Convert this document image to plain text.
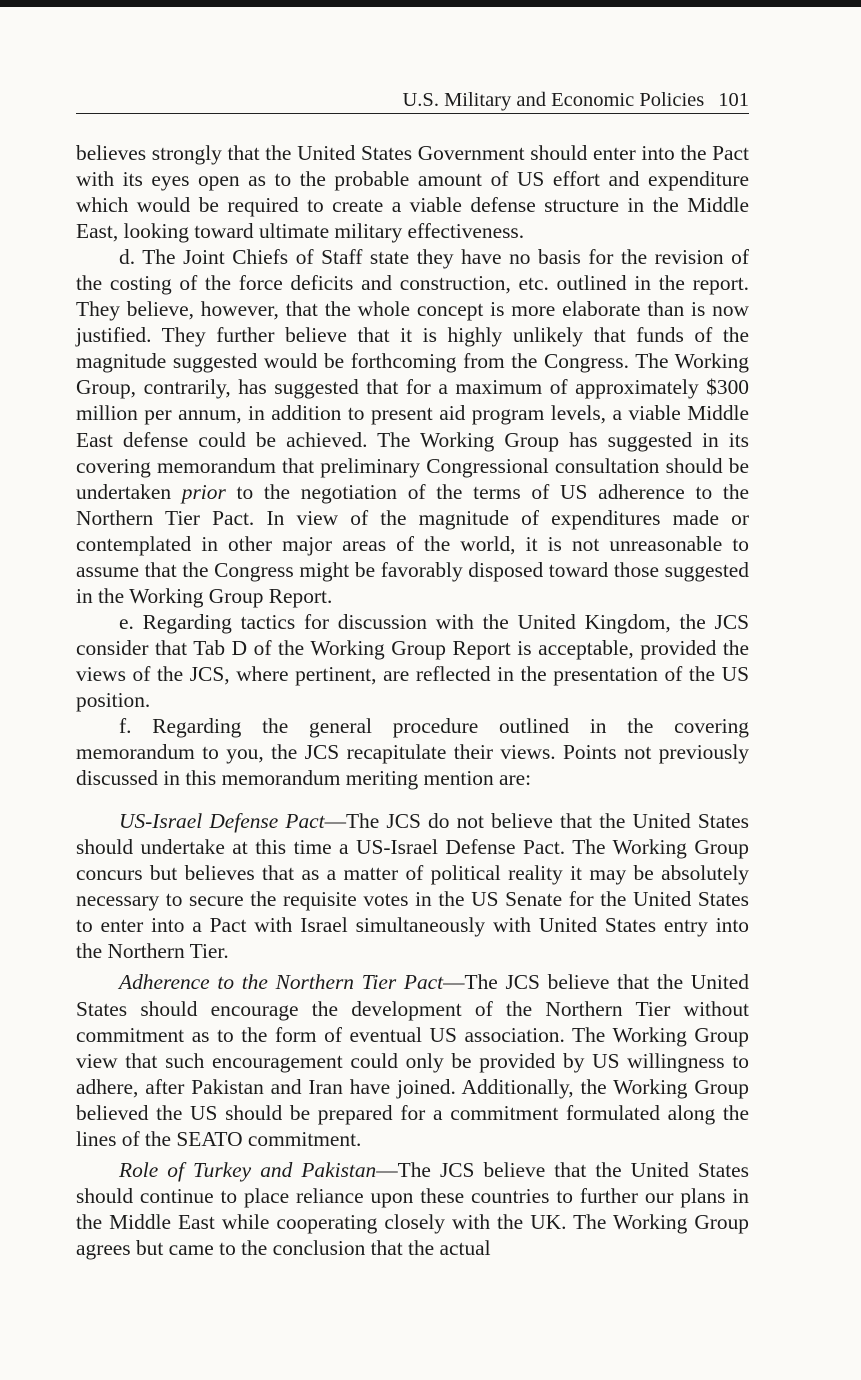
U.S. Military and Economic Policies 101

believes strongly that the United States Government should enter into the Pact with its eyes open as to the probable amount of US effort and expenditure which would be required to create a viable defense structure in the Middle East, looking toward ultimate military effectiveness.

d. The Joint Chiefs of Staff state they have no basis for the revision of the costing of the force deficits and construction, etc. outlined in the report. They believe, however, that the whole concept is more elaborate than is now justified. They further believe that it is highly unlikely that funds of the magnitude suggested would be forthcoming from the Congress. The Working Group, contrarily, has suggested that for a maximum of approximately $300 million per annum, in addition to present aid program levels, a viable Middle East defense could be achieved. The Working Group has suggested in its covering memorandum that preliminary Congressional consultation should be undertaken prior to the negotiation of the terms of US adherence to the Northern Tier Pact. In view of the magnitude of expenditures made or contemplated in other major areas of the world, it is not unreasonable to assume that the Congress might be favorably disposed toward those suggested in the Working Group Report.

e. Regarding tactics for discussion with the United Kingdom, the JCS consider that Tab D of the Working Group Report is acceptable, provided the views of the JCS, where pertinent, are reflected in the presentation of the US position.

f. Regarding the general procedure outlined in the covering memorandum to you, the JCS recapitulate their views. Points not previously discussed in this memorandum meriting mention are:

US-Israel Defense Pact—The JCS do not believe that the United States should undertake at this time a US-Israel Defense Pact. The Working Group concurs but believes that as a matter of political reality it may be absolutely necessary to secure the requisite votes in the US Senate for the United States to enter into a Pact with Israel simultaneously with United States entry into the Northern Tier.

Adherence to the Northern Tier Pact—The JCS believe that the United States should encourage the development of the Northern Tier without commitment as to the form of eventual US association. The Working Group view that such encouragement could only be provided by US willingness to adhere, after Pakistan and Iran have joined. Additionally, the Working Group believed the US should be prepared for a commitment formulated along the lines of the SEATO commitment.

Role of Turkey and Pakistan—The JCS believe that the United States should continue to place reliance upon these countries to further our plans in the Middle East while cooperating closely with the UK. The Working Group agrees but came to the conclusion that the actual
